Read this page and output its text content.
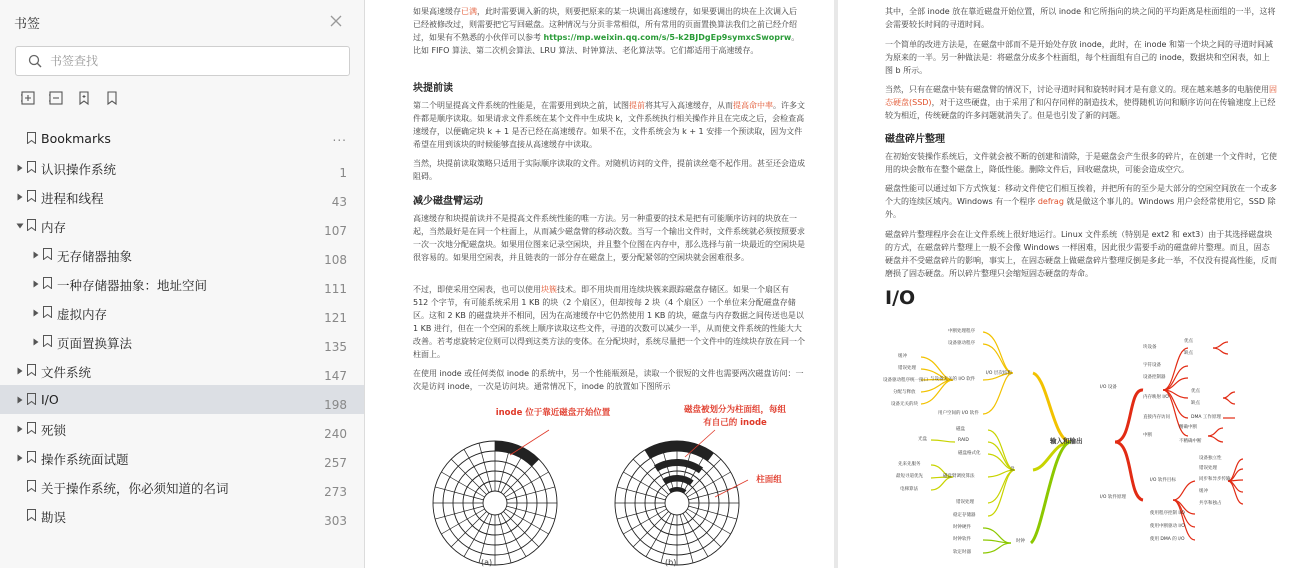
书签
书签查找
Bookmarks	...
认识操作系统	1
进程和线程	43
内存	107
无存储器抽象	108
一种存储器抽象：地址空间	111
虚拟内存	121
页面置换算法	135
文件系统	147
I/O	198
死锁	240
操作系统面试题	257
关于操作系统，你必须知道的名词	273
勘误	303
如果高速缓存已满，此时需要调入新的块，则要把原来的某一块调出高速缓存，如果要调出的块在上次调入后已经被修改过，则需要把它写回磁盘。这种情况与分页非常相似，所有常用的页面置换算法我们之前已经介绍过，如果有不熟悉的小伙伴可以参考 https://mp.weixin.qq.com/s/5-k2BJDgEp9symxcSwoprw。比如 FIFO 算法、第二次机会算法、LRU 算法、时钟算法、老化算法等。它们都适用于高速缓存。
块提前读
第二个明显提高文件系统的性能是，在需要用到块之前，试图提前将其写入高速缓存，从而提高命中率。许多文件都是顺序读取。如果请求文件系统在某个文件中生成块 k，文件系统执行相关操作并且在完成之后，会检查高速缓存，以便确定块 k + 1 是否已经在高速缓存。如果不在，文件系统会为 k + 1 安排一个预读取，因为文件希望在用到该块的时候能够直接从高速缓存中读取。
当然，块提前读取策略只适用于实际顺序读取的文件。对随机访问的文件，提前读丝毫不起作用。甚至还会造成阻碍。
减少磁盘臂运动
高速缓存和块提前读并不是提高文件系统性能的唯一方法。另一种重要的技术是把有可能顺序访问的块放在一起，当然最好是在同一个柱面上，从而减少磁盘臂的移动次数。当写一个输出文件时，文件系统就必须按照要求一次一次地分配磁盘块。如果用位图来记录空闲块，并且整个位图在内存中，那么选择与前一块最近的空闲块是很容易的。如果用空闲表，并且链表的一部分存在磁盘上，要分配紧邻的空闲块就会困难很多。
不过，即使采用空闲表，也可以使用块簇技术。即不用块而用连续块簇来跟踪磁盘存储区。如果一个扇区有 512 个字节，有可能系统采用 1 KB 的块（2 个扇区），但却按每 2 块（4 个扇区）一个单位来分配磁盘存储区。这和 2 KB 的磁盘块并不相同，因为在高速缓存中它仍然使用 1 KB 的块，磁盘与内存数据之间传送也是以 1 KB 进行，但在一个空闲的系统上顺序读取这些文件，寻道的次数可以减少一半，从而使文件系统的性能大大改善。若考虑旋转定位则可以得到这类方法的变体。在分配块时，系统尽量把一个文件中的连续块存放在同一个柱面上。
在使用 inode 或任何类似 inode 的系统中，另一个性能瓶颈是，读取一个很短的文件也需要两次磁盘访问：一次是访问 inode，一次是访问块。通常情况下，inode 的放置如下图所示
inode 位于靠近磁盘开始位置	磁盘被划分为柱面组，每组有自己的 inode
柱面组
(a)	(b)
其中，全部 inode 放在靠近磁盘开始位置，所以 inode 和它所指向的块之间的平均距离是柱面组的一半，这将会需要较长时间的寻道时间。
一个简单的改进方法是，在磁盘中部而不是开始处存放 inode，此时，在 inode 和第一个块之间的寻道时间减为原来的一半。另一种做法是：将磁盘分成多个柱面组，每个柱面组有自己的 inode，数据块和空闲表，如上图 b 所示。
当然，只有在磁盘中装有磁盘臂的情况下，讨论寻道时间和旋转时间才是有意义的。现在越来越多的电脑使用固态硬盘(SSD)，对于这些硬盘，由于采用了和闪存同样的制造技术，使得随机访问和顺序访问在传输速度上已经较为相近，传统硬盘的许多问题就消失了。但是也引发了新的问题。
磁盘碎片整理
在初始安装操作系统后，文件就会被不断的创建和清除，于是磁盘会产生很多的碎片，在创建一个文件时，它使用的块会散布在整个磁盘上，降低性能。删除文件后，回收磁盘块，可能会造成空穴。
磁盘性能可以通过如下方式恢复：移动文件使它们相互挨着，并把所有的至少是大部分的空闲空间放在一个或多个大的连续区域内。Windows 有一个程序 defrag 就是做这个事儿的。Windows 用户会经常使用它，SSD 除外。
磁盘碎片整理程序会在让文件系统上很好地运行。Linux 文件系统（特别是 ext2 和 ext3）由于其选择磁盘块的方式，在磁盘碎片整理上一般不会像 Windows 一样困难，因此很少需要手动的磁盘碎片整理。而且，固态硬盘并不受磁盘碎片的影响，事实上，在固态硬盘上做磁盘碎片整理反倒是多此一举，不仅没有提高性能，反而磨损了固态硬盘。所以碎片整理只会缩短固态硬盘的寿命。
I/O
输入和输出
I/O 层次结构
中断处理程序
设备驱动程序
与设备无关的 I/O 软件
用户空间的 I/O 软件
缓冲
错误处理
设备驱动程序统一接口
分配与释放
设备无关的块
盘
磁盘
RAID
磁盘格式化
磁盘臂调度算法
错误处理
稳定存储器
光盘
先来先服务
最短寻道优先
电梯算法
时钟
时钟硬件
时钟软件
软定时器
I/O 设备
块设备
字符设备
设备控制器
内存映射 I/O
直接内存访问
中断
优点
缺点
优点
缺点
DMA 工作原理
精确中断
不精确中断
I/O 软件原理
I/O 软件目标
使用程序控制 I/O
使用中断驱动 I/O
使用 DMA 的 I/O
设备独立性
错误处理
同步和异步传输
缓冲
共享和独占
